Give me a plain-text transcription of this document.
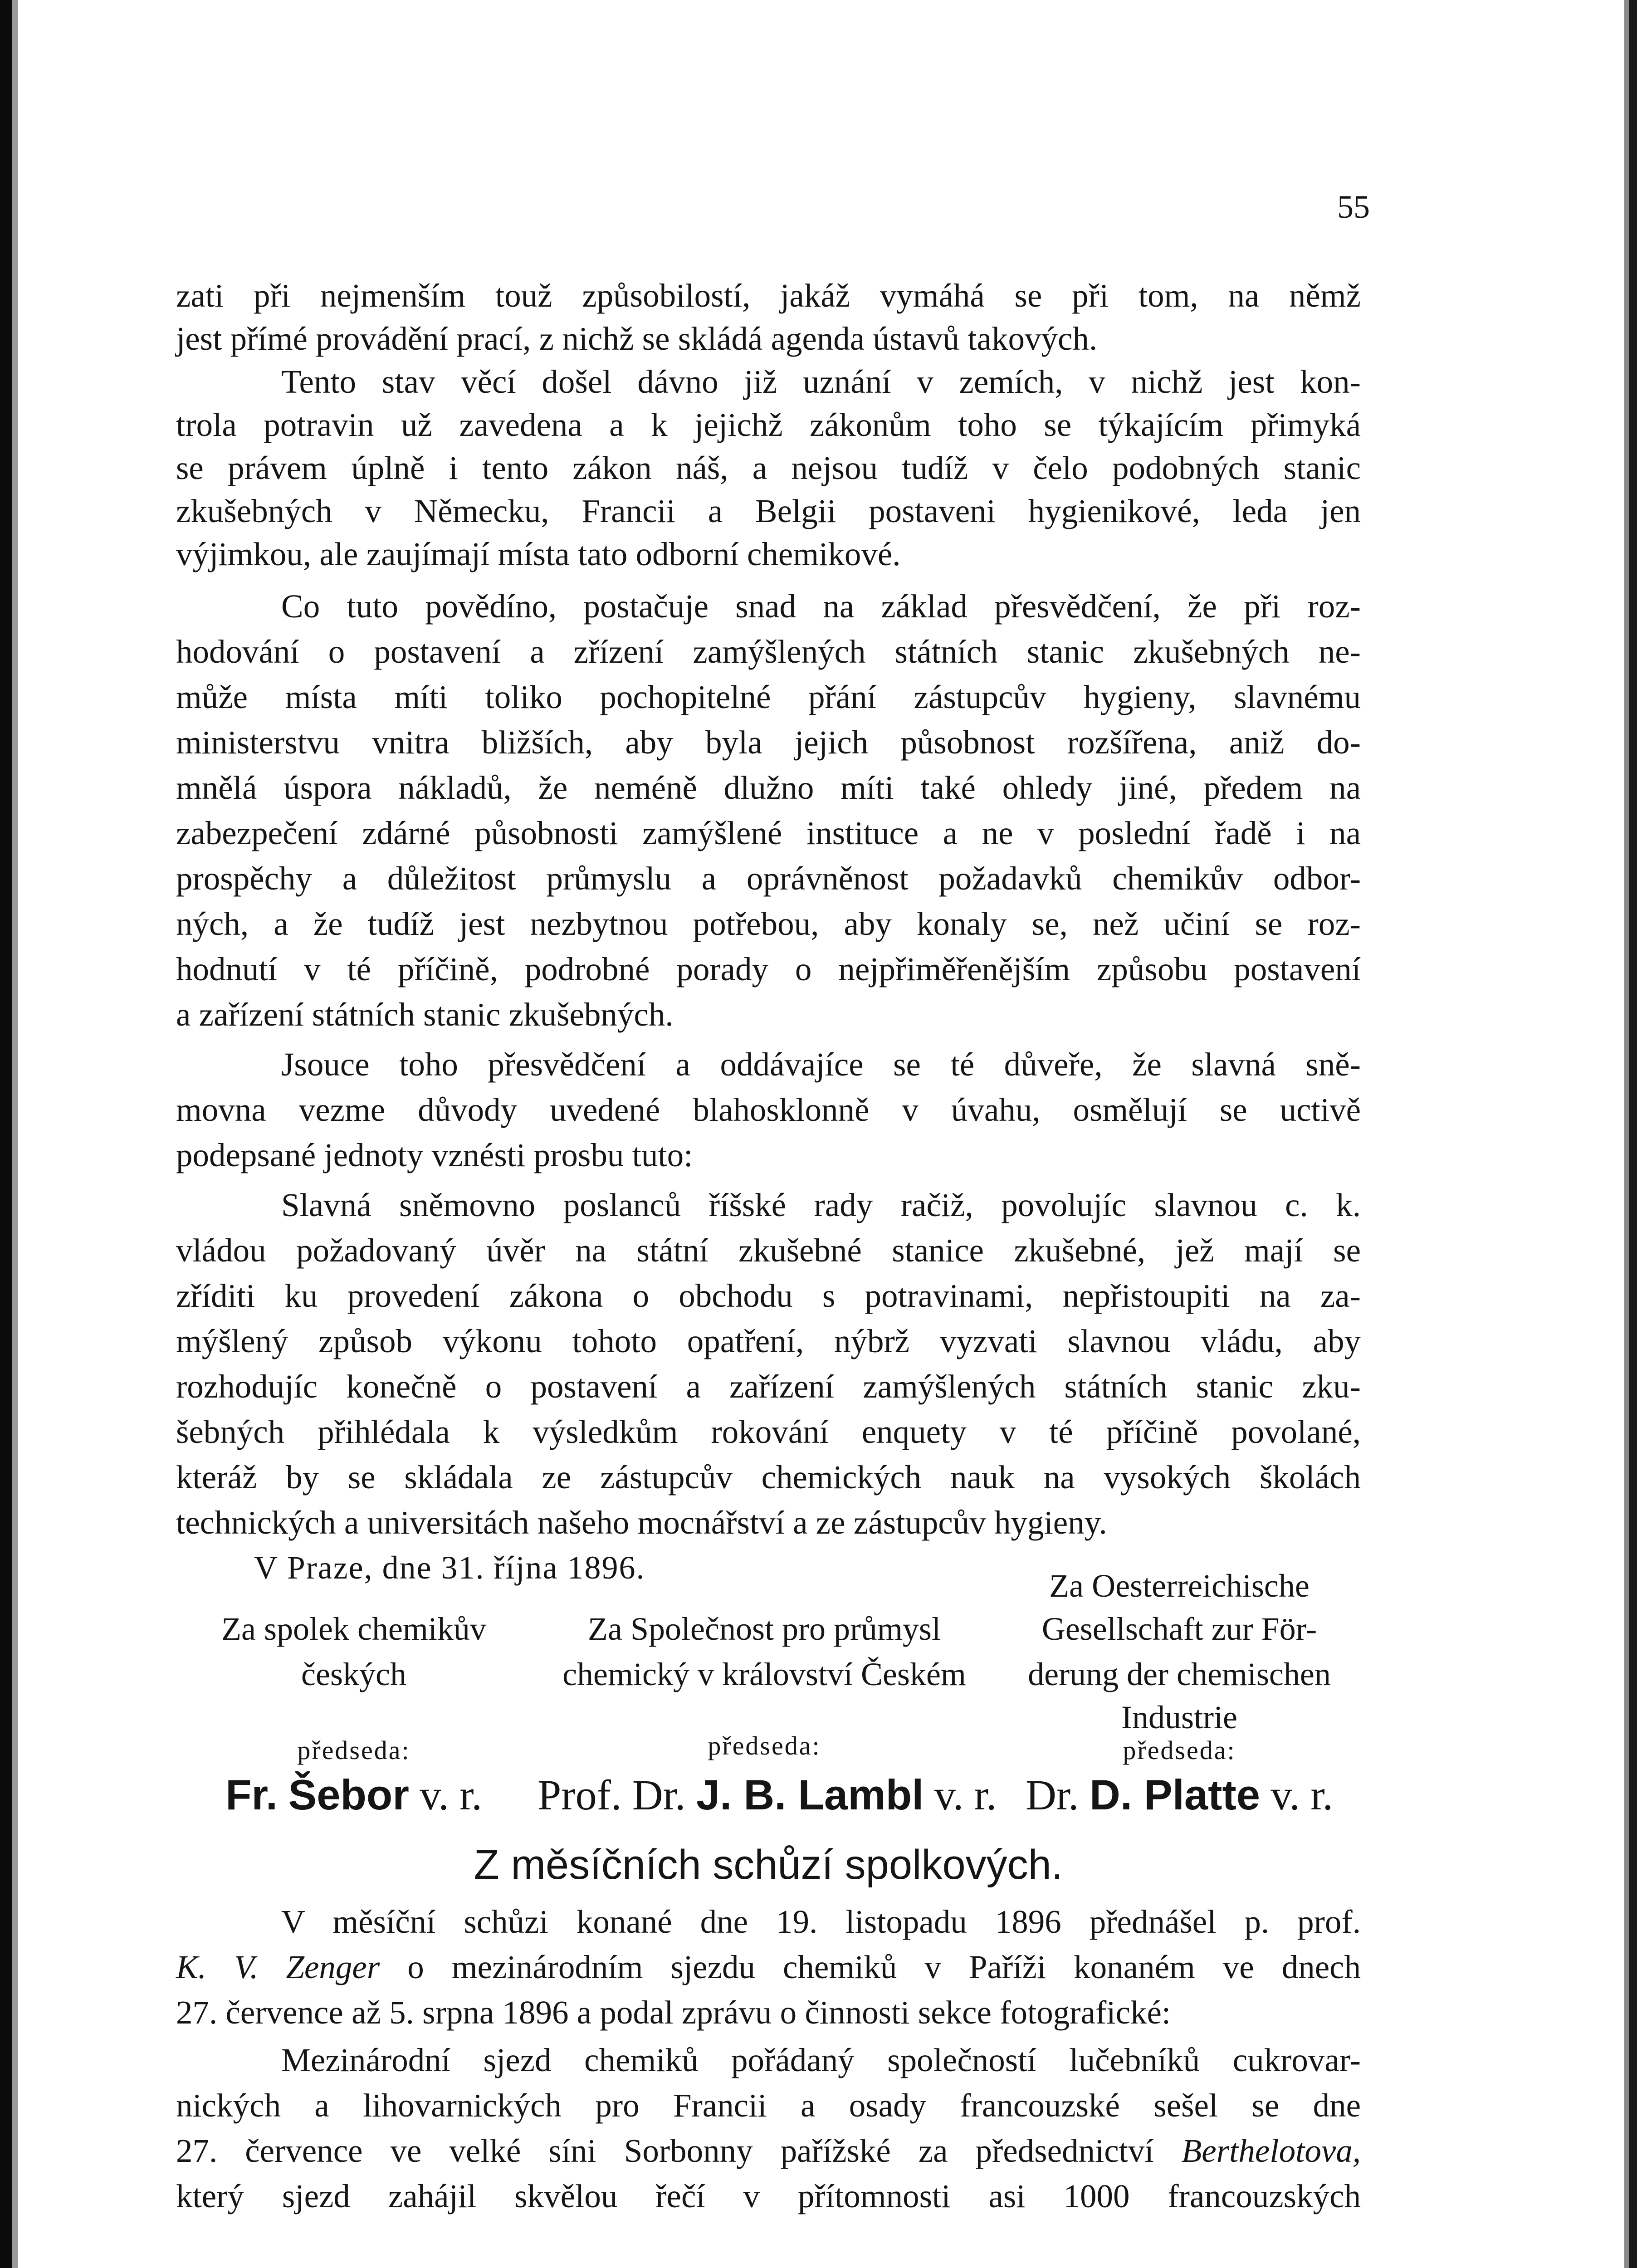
55
zati při nejmenším touž způsobilostí, jakáž vymáhá se při tom, na němž
jest přímé provádění prací, z nichž se skládá agenda ústavů takových.
Tento stav věcí došel dávno již uznání v zemích, v nichž jest kon-
trola potravin už zavedena a k jejichž zákonům toho se týkajícím přimyká
se právem úplně i tento zákon náš, a nejsou tudíž v čelo podobných stanic
zkušebných v Německu, Francii a Belgii postaveni hygienikové, leda jen
výjimkou, ale zaujímají místa tato odborní chemikové.
Co tuto povědíno, postačuje snad na základ přesvědčení, že při roz-
hodování o postavení a zřízení zamýšlených státních stanic zkušebných ne-
může místa míti toliko pochopitelné přání zástupcův hygieny, slavnému
ministerstvu vnitra bližších, aby byla jejich působnost rozšířena, aniž do-
mnělá úspora nákladů, že neméně dlužno míti také ohledy jiné, předem na
zabezpečení zdárné působnosti zamýšlené instituce a ne v poslední řadě i na
prospěchy a důležitost průmyslu a oprávněnost požadavků chemikův odbor-
ných, a že tudíž jest nezbytnou potřebou, aby konaly se, než učiní se roz-
hodnutí v té příčině, podrobné porady o nejpřiměřenějším způsobu postavení
a zařízení státních stanic zkušebných.
Jsouce toho přesvědčení a oddávajíce se té důveře, že slavná sně-
movna vezme důvody uvedené blahosklonně v úvahu, osmělují se uctivě
podepsané jednoty vznésti prosbu tuto:
Slavná sněmovno poslanců říšské rady račiž, povolujíc slavnou c. k.
vládou požadovaný úvěr na státní zkušebné stanice zkušebné, jež mají se
zříditi ku provedení zákona o obchodu s potravinami, nepřistoupiti na za-
mýšlený způsob výkonu tohoto opatření, nýbrž vyzvati slavnou vládu, aby
rozhodujíc konečně o postavení a zařízení zamýšlených státních stanic zku-
šebných přihlédala k výsledkům rokování enquety v té příčině povolané,
kteráž by se skládala ze zástupcův chemických nauk na vysokých školách
technických a universitách našeho mocnářství a ze zástupcův hygieny.
V Praze, dne 31. října 1896.
Za spolek chemikův
českých
předseda:
Fr. Šebor v. r.
Za Společnost pro průmysl
chemický v království Českém
předseda:
Prof. Dr. J. B. Lambl v. r.
Za Oesterreichische
Gesellschaft zur För-
derung der chemischen
Industrie
předseda:
Dr. D. Platte v. r.
Z měsíčních schůzí spolkových.
V měsíční schůzi konané dne 19. listopadu 1896 přednášel p. prof.
K. V. Zenger o mezinárodním sjezdu chemiků v Paříži konaném ve dnech
27. července až 5. srpna 1896 a podal zprávu o činnosti sekce fotografické:
Mezinárodní sjezd chemiků pořádaný společností lučebníků cukrovar-
nických a lihovarnických pro Francii a osady francouzské sešel se dne
27. července ve velké síni Sorbonny pařížské za předsednictví Berthelotova,
který sjezd zahájil skvělou řečí v přítomnosti asi 1000 francouzských
